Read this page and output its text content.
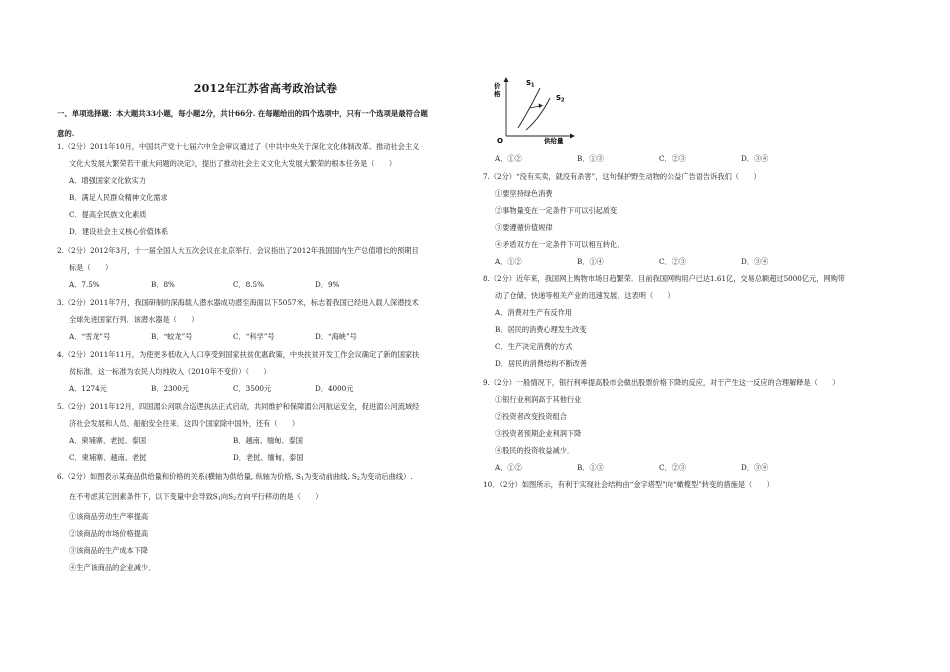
2012年江苏省高考政治试卷
一、单项选择题：本大题共33小题，每小题2分，共计66分. 在每题给出的四个选项中，只有一个选项是最符合题
意的.
1.（2分）2011年10月，中国共产党十七届六中全会审议通过了《中共中央关于深化文化体制改革、推动社会主义
文化大发展大繁荣若干重大问题的决定》，提出了推动社会主义文化大发展大繁荣的根本任务是（　　）
A．增强国家文化软实力
B．满足人民群众精神文化需求
C．提高全民族文化素质
D．建设社会主义核心价值体系
2.（2分）2012年3月，十一届全国人大五次会议在北京举行．会议指出了2012年我国国内生产总值增长的预期目
标是（　　）
A．7.5%	B．8%	C．8.5%	D．9%
3.（2分）2011年7月，我国研制的深海载人潜水器成功潜至海面以下5057米，标志着我国已经进入载人深潜技术
全球先进国家行列．该潜水器是（　　）
A．“雪龙”号	B．“蛟龙”号	C．“科学”号	D．“海峡”号
4.（2分）2011年11月，为使更多低收入人口享受到国家扶贫优惠政策，中央扶贫开发工作会议确定了新的国家扶
贫标准．这一标准为农民人均纯收入（2010年不变价）（　　）
A．1274元	B．2300元	C．3500元	D．4000元
5.（2分）2011年12月，四国湄公河联合巡逻执法正式启动，共同维护和保障湄公河航运安全，促进湄公河流域经
济社会发展和人员、船舶安全往来．这四个国家除中国外，还有（　　）
A．柬埔寨、老挝、泰国	B．越南、缅甸、泰国
C．柬埔寨、越南、老挝	D．老挝、缅甸、泰国
6.（2分）如图表示某商品供给量和价格的关系(横轴为供给量, 纵轴为价格, $S_1$为变动前曲线, $S_2$为变动后曲线）.
在不考虑其它因素条件下，以下变量中会导致$S_1$向$S_2$方向平行移动的是（　　）
①该商品劳动生产率提高
②该商品的市场价格提高
③该商品的生产成本下降
④生产该商品的企业减少．
价
格
O	供给量
$S_1$
$S_2$
A．①②	B．①③	C．②③	D．③④
7.（2分）“没有买卖，就没有杀害”，这句保护野生动物的公益广告语告诉我们（　　）
①要坚持绿色消费
②事物量变在一定条件下可以引起质变
③要遵循价值规律
④矛盾双方在一定条件下可以相互转化．
A．①②	B．①④	C．②③	D．③④
8.（2分）近年来，我国网上购物市场日趋繁荣．目前我国网购用户已达1.61亿，交易总额超过5000亿元，网购带
动了仓储、快递等相关产业的迅速发展．这表明（　　）
A．消费对生产有反作用
B．居民的消费心理发生改变
C．生产决定消费的方式
D．居民的消费结构不断改善
9.（2分）一般情况下，银行利率提高股市会做出股票价格下降的反应，对于产生这一反应的合理解释是（　　）
①银行业利润高于其他行业
②投资者改变投资组合
③投资者预期企业利润下降
④股民的投资收益减少．
A．①②	B．①③	C．②③	D．③④
10．（2分）如图所示，有利于实现社会结构由“金字塔型”向“橄榄型”转变的措施是（　　）
